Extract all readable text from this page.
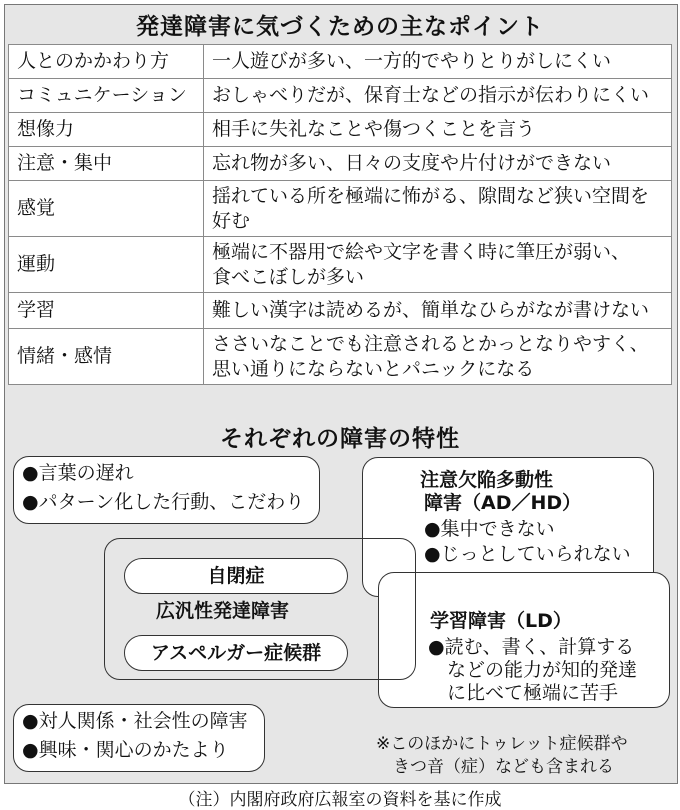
発達障害に気づくための主なポイント
人とのかかわり方	一人遊びが多い、一方的でやりとりがしにくい
コミュニケーション	おしゃべりだが、保育士などの指示が伝わりにくい
想像力	相手に失礼なことや傷つくことを言う
注意・集中	忘れ物が多い、日々の支度や片付けができない
感覚	揺れている所を極端に怖がる、隙間など狭い空間を
好む

運動	極端に不器用で絵や文字を書く時に筆圧が弱い、
食べこぼしが多い

学習	難しい漢字は読めるが、簡単なひらがなが書けない
情緒・感情	ささいなことでも注意されるとかっとなりやすく、
思い通りにならないとパニックになる
それぞれの障害の特性
●言葉の遅れ
●パターン化した行動、こだわり
注意欠陥多動性
障害（AD／HD）
●集中できない
●じっとしていられない
自閉症
広汎性発達障害
アスペルガー症候群
学習障害（LD）
●読む、書く、計算する
などの能力が知的発達
に比べて極端に苦手
●対人関係・社会性の障害
●興味・関心のかたより	※このほかにトゥレット症候群や
きつ音（症）なども含まれる
（注）内閣府政府広報室の資料を基に作成
